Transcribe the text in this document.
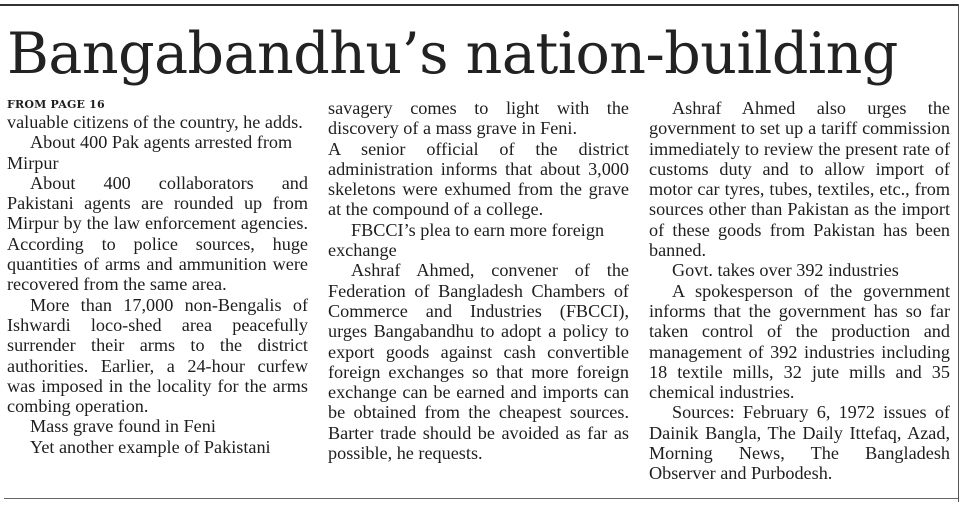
Bangabandhu’s nation-building
FROM PAGE 16

valuable citizens of the country, he adds.

About 400 Pak agents arrested from Mirpur

About 400 collaborators and Pakistani agents are rounded up from Mirpur by the law enforcement agencies. According to police sources, huge quantities of arms and ammunition were recovered from the same area.

More than 17,000 non-Bengalis of Ishwardi loco-shed area peacefully surrender their arms to the district authorities. Earlier, a 24-hour curfew was imposed in the locality for the arms combing operation.

Mass grave found in Feni

Yet another example of Pakistani

savagery comes to light with the discovery of a mass grave in Feni.

A senior official of the district administration informs that about 3,000 skeletons were exhumed from the grave at the compound of a college.

FBCCI’s plea to earn more foreign exchange

Ashraf Ahmed, convener of the Federation of Bangladesh Chambers of Commerce and Industries (FBCCI), urges Bangabandhu to adopt a policy to export goods against cash convertible foreign exchanges so that more foreign exchange can be earned and imports can be obtained from the cheapest sources. Barter trade should be avoided as far as possible, he requests.

Ashraf Ahmed also urges the government to set up a tariff commission immediately to review the present rate of customs duty and to allow import of motor car tyres, tubes, textiles, etc., from sources other than Pakistan as the import of these goods from Pakistan has been banned.

Govt. takes over 392 industries

A spokesperson of the government informs that the government has so far taken control of the production and management of 392 industries including 18 textile mills, 32 jute mills and 35 chemical industries.

Sources: February 6, 1972 issues of Dainik Bangla, The Daily Ittefaq, Azad, Morning News, The Bangladesh Observer and Purbodesh.
